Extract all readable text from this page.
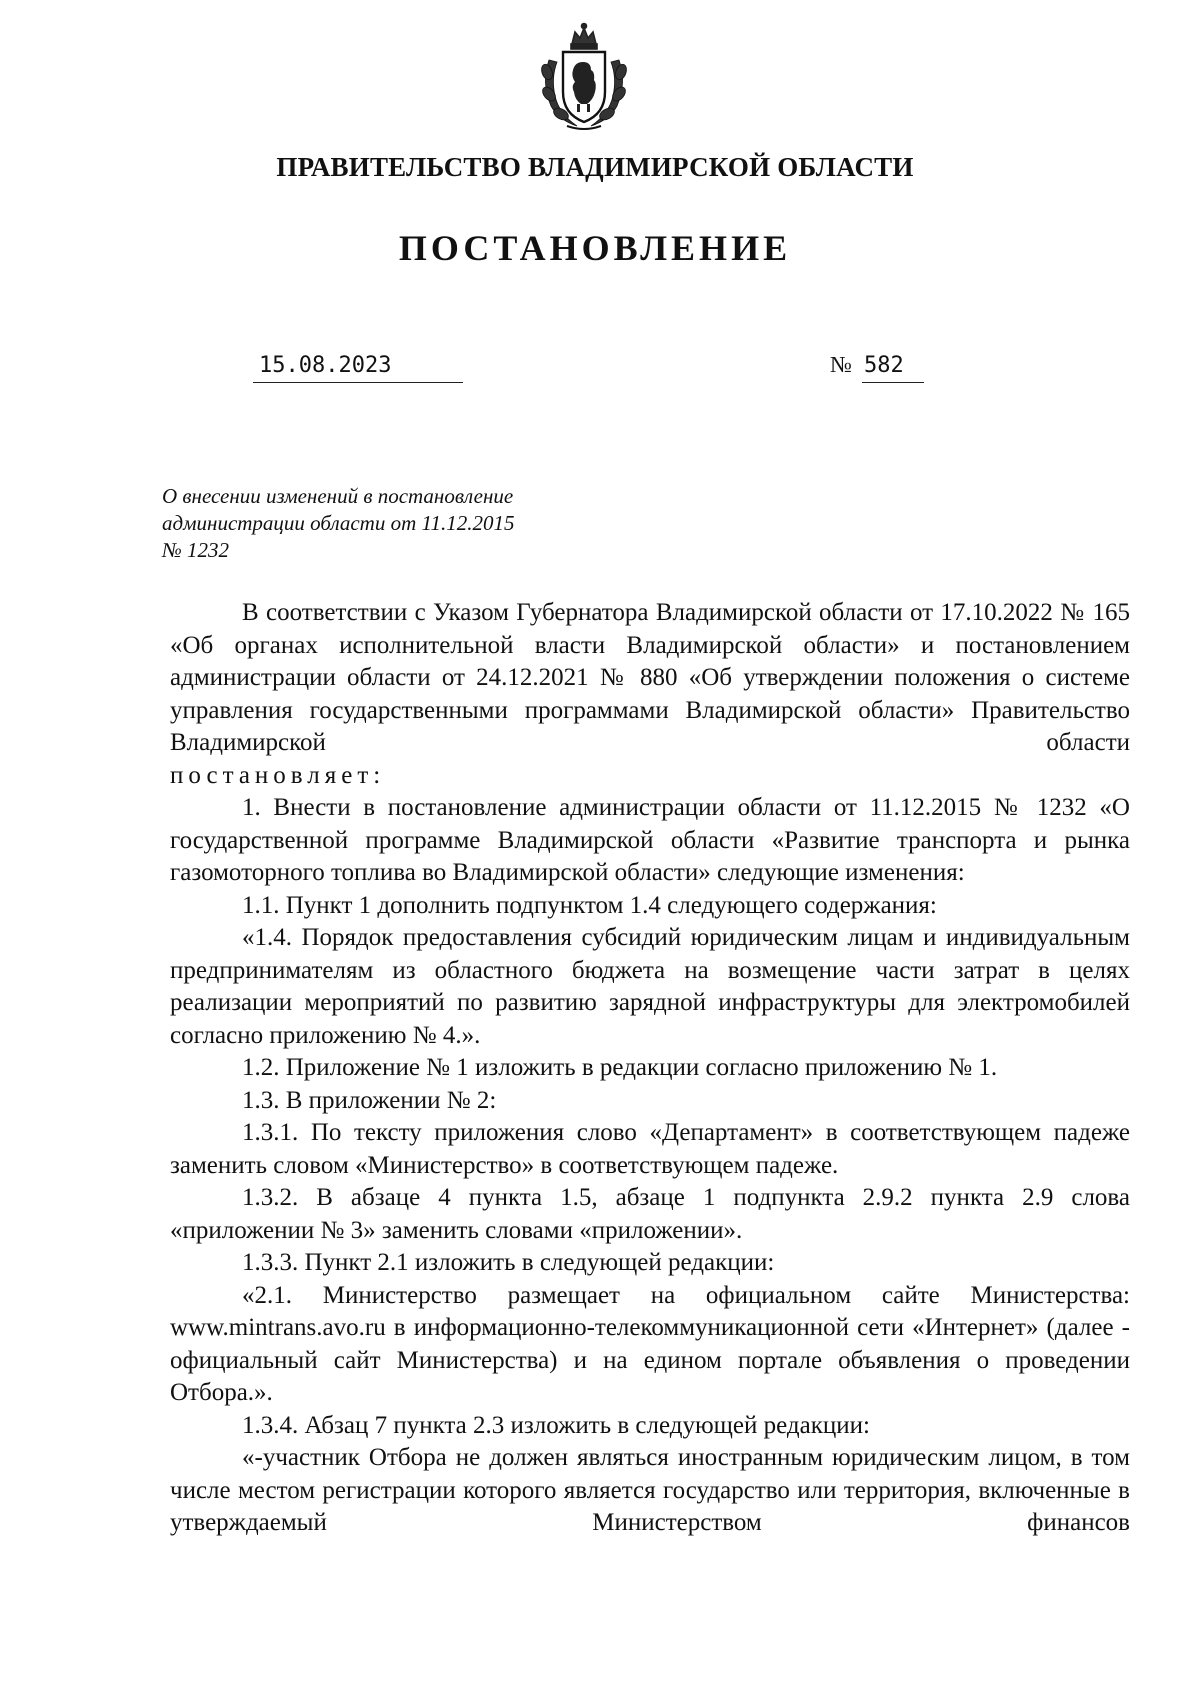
ПРАВИТЕЛЬСТВО ВЛАДИМИРСКОЙ ОБЛАСТИ
ПОСТАНОВЛЕНИЕ
15.08.2023	№ 582
О внесении изменений в постановление
администрации области от 11.12.2015
№ 1232

В соответствии с Указом Губернатора Владимирской области от 17.10.2022 № 165 «Об органах исполнительной власти Владимирской области» и постановлением администрации области от 24.12.2021 № 880 «Об утверждении положения о системе управления государственными программами Владимирской области» Правительство Владимирской области

постановляет:

1. Внести в постановление администрации области от 11.12.2015 № 1232 «О государственной программе Владимирской области «Развитие транспорта и рынка газомоторного топлива во Владимирской области» следующие изменения:

1.1. Пункт 1 дополнить подпунктом 1.4 следующего содержания:

«1.4. Порядок предоставления субсидий юридическим лицам и индивидуальным предпринимателям из областного бюджета на возмещение части затрат в целях реализации мероприятий по развитию зарядной инфраструктуры для электромобилей согласно приложению № 4.».

1.2. Приложение № 1 изложить в редакции согласно приложению № 1.

1.3. В приложении № 2:

1.3.1. По тексту приложения слово «Департамент» в соответствующем падеже заменить словом «Министерство» в соответствующем падеже.

1.3.2. В абзаце 4 пункта 1.5, абзаце 1 подпункта 2.9.2 пункта 2.9 слова «приложении № 3» заменить словами «приложении».

1.3.3. Пункт 2.1 изложить в следующей редакции:

«2.1. Министерство размещает на официальном сайте Министерства: www.mintrans.avo.ru в информационно-телекоммуникационной сети «Интернет» (далее - официальный сайт Министерства) и на едином портале объявления о проведении Отбора.».

1.3.4. Абзац 7 пункта 2.3 изложить в следующей редакции:

«-участник Отбора не должен являться иностранным юридическим лицом, в том числе местом регистрации которого является государство или территория, включенные в утверждаемый Министерством финансов
